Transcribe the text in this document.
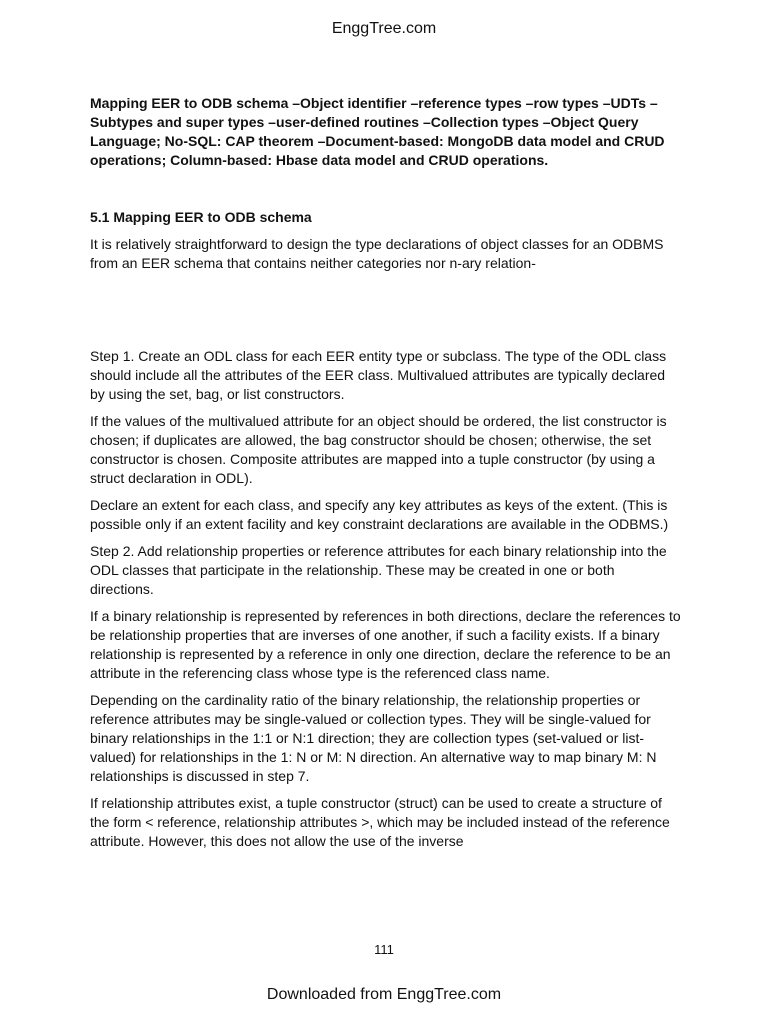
EnggTree.com

Mapping EER to ODB schema –Object identifier –reference types –row types –UDTs –Subtypes and super types –user-defined routines –Collection types –Object Query Language; No-SQL: CAP theorem –Document-based: MongoDB data model and CRUD operations; Column-based: Hbase data model and CRUD operations.

5.1 Mapping EER to ODB schema

It is relatively straightforward to design the type declarations of object classes for an ODBMS from an EER schema that contains neither categories nor n-ary relation-

Step 1. Create an ODL class for each EER entity type or subclass. The type of the ODL class should include all the attributes of the EER class. Multivalued attributes are typically declared by using the set, bag, or list constructors.

If the values of the multivalued attribute for an object should be ordered, the list constructor is chosen; if duplicates are allowed, the bag constructor should be chosen; otherwise, the set constructor is chosen. Composite attributes are mapped into a tuple constructor (by using a struct declaration in ODL).

Declare an extent for each class, and specify any key attributes as keys of the extent. (This is possible only if an extent facility and key constraint declarations are available in the ODBMS.)

Step 2. Add relationship properties or reference attributes for each binary relationship into the ODL classes that participate in the relationship. These may be created in one or both directions.

If a binary relationship is represented by references in both directions, declare the references to be relationship properties that are inverses of one another, if such a facility exists. If a binary relationship is represented by a reference in only one direction, declare the reference to be an attribute in the referencing class whose type is the referenced class name.

Depending on the cardinality ratio of the binary relationship, the relationship properties or reference attributes may be single-valued or collection types. They will be single-valued for binary relationships in the 1:1 or N:1 direction; they are collection types (set-valued or list-valued) for relationships in the 1: N or M: N direction. An alternative way to map binary M: N relationships is discussed in step 7.

If relationship attributes exist, a tuple constructor (struct) can be used to create a structure of the form < reference, relationship attributes >, which may be included instead of the reference attribute. However, this does not allow the use of the inverse

111
Downloaded from EnggTree.com
